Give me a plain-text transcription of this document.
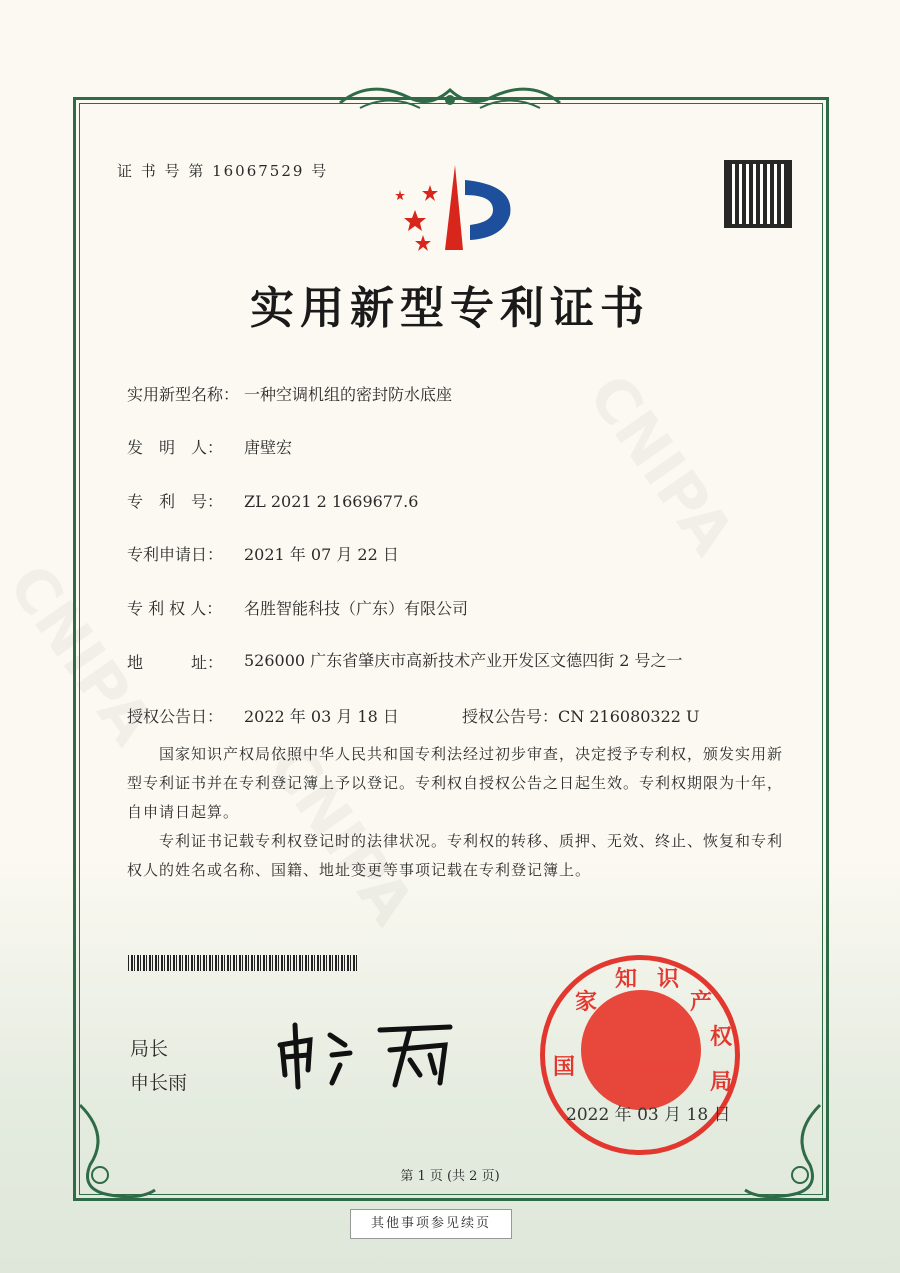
证 书 号 第 16067529 号
实用新型专利证书
实用新型名称： 一种空调机组的密封防水底座
发　明　人： 唐壁宏
专　利　号： ZL 2021 2 1669677.6
专利申请日： 2021 年 07 月 22 日
专 利 权 人： 名胜智能科技（广东）有限公司
地　　　址：	526000 广东省肇庆市高新技术产业开发区文德四街 2 号之一
授权公告日： 2022 年 03 月 18 日	授权公告号：CN 216080322 U
国家知识产权局依照中华人民共和国专利法经过初步审查，决定授予专利权，颁发实用新型专利证书并在专利登记簿上予以登记。专利权自授权公告之日起生效。专利权期限为十年，自申请日起算。
专利证书记载专利权登记时的法律状况。专利权的转移、质押、无效、终止、恢复和专利权人的姓名或名称、国籍、地址变更等事项记载在专利登记簿上。
局长
申长雨
国
家
知 识
产
权
局
2022 年 03 月 18 日
第 1 页 (共 2 页)
其他事项参见续页
